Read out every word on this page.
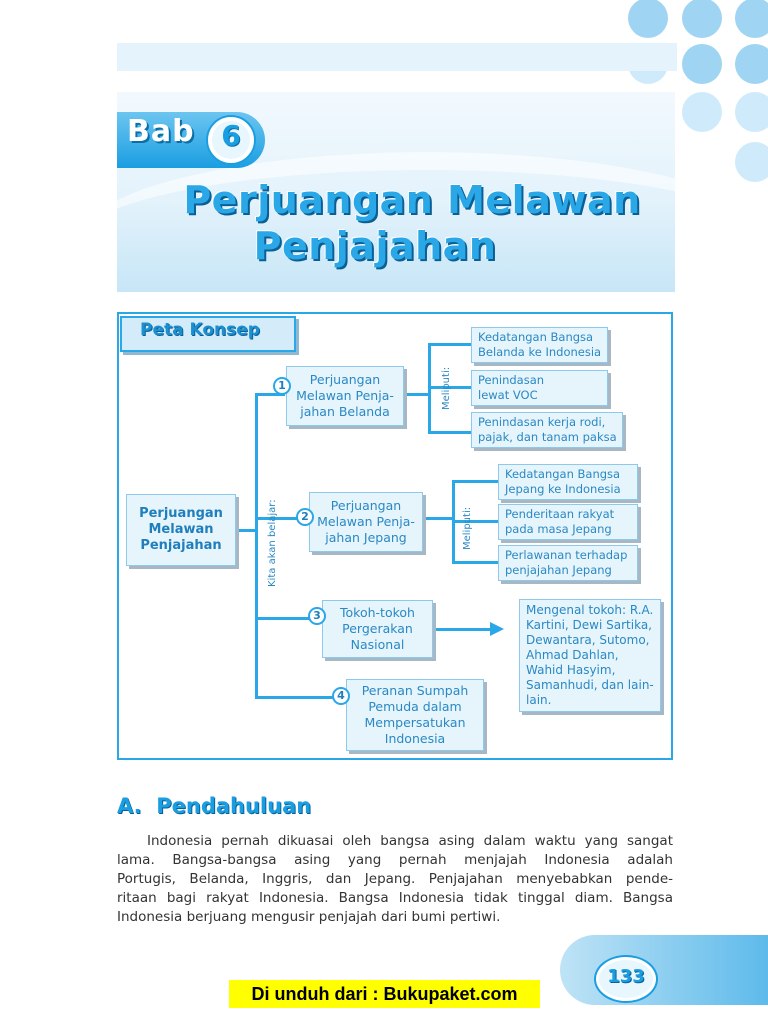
Bab 6
Perjuangan Melawan
Penjajahan
Peta Konsep
Kita akan belajar:
Meliputi:
Meliputi:
Perjuangan Melawan Penjajahan
Perjuangan Melawan Penja-jahan Belanda
1
Perjuangan Melawan Penja-jahan Jepang
2
Tokoh-tokoh Pergerakan Nasional
3
Peranan Sumpah Pemuda dalam Mempersatukan Indonesia
4
Kedatangan Bangsa Belanda ke Indonesia
Penindasan lewat VOC
Penindasan kerja rodi, pajak, dan tanam paksa
Kedatangan Bangsa Jepang ke Indonesia
Penderitaan rakyat pada masa Jepang
Perlawanan terhadap penjajahan Jepang
Mengenal tokoh: R.A. Kartini, Dewi Sartika, Dewantara, Sutomo, Ahmad Dahlan, Wahid Hasyim, Samanhudi, dan lain-lain.
A.  Pendahuluan
Indonesia pernah dikuasai oleh bangsa asing dalam waktu yang sangat
lama. Bangsa-bangsa asing yang pernah menjajah Indonesia adalah
Portugis, Belanda, Inggris, dan Jepang. Penjajahan menyebabkan pende-
ritaan bagi rakyat Indonesia. Bangsa Indonesia tidak tinggal diam. Bangsa
Indonesia berjuang mengusir penjajah dari bumi pertiwi.
133
Di unduh dari : Bukupaket.com
